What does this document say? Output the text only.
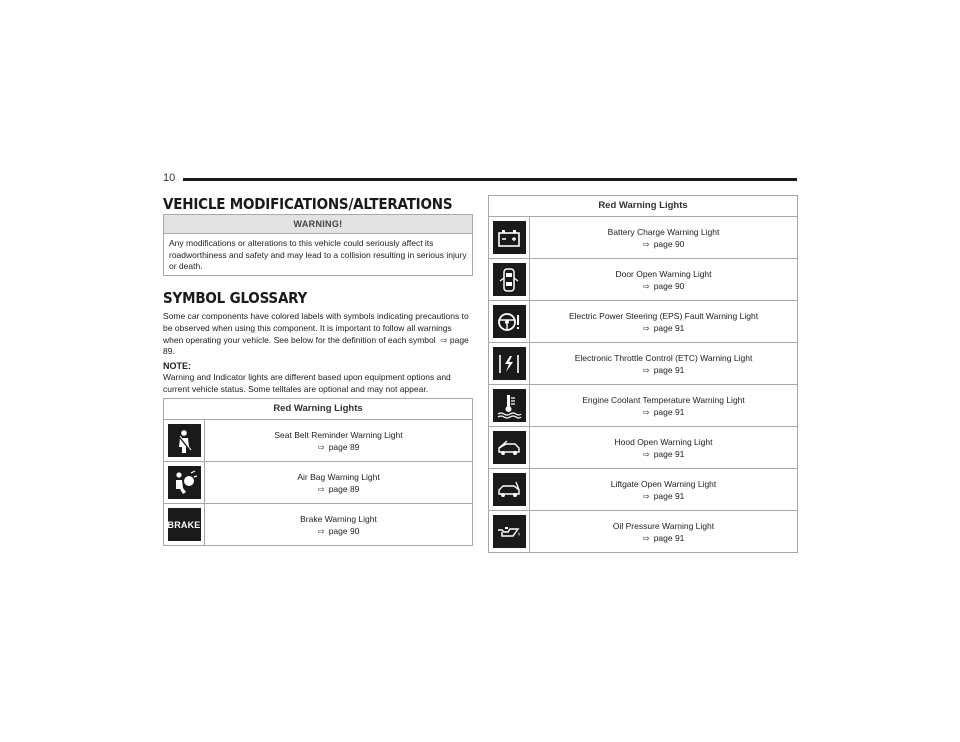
10
VEHICLE MODIFICATIONS/ALTERATIONS
WARNING!
Any modifications or alterations to this vehicle could seriously affect its roadworthiness and safety and may lead to a collision resulting in serious injury or death.
SYMBOL GLOSSARY

Some car components have colored labels with symbols indicating precautions to be observed when using this component. It is important to follow all warnings when operating your vehicle. See below for the definition of each symbol ⇨ page 89.

NOTE:

Warning and Indicator lights are different based upon equipment options and current vehicle status. Some telltales are optional and may not appear.

Red Warning Lights
Seat Belt Reminder Warning Light
⇨ page 89
Air Bag Warning Light
⇨ page 89
BRAKE
Brake Warning Light
⇨ page 90
Red Warning Lights
Battery Charge Warning Light
⇨ page 90
Door Open Warning Light
⇨ page 90
Electric Power Steering (EPS) Fault Warning Light
⇨ page 91
Electronic Throttle Control (ETC) Warning Light
⇨ page 91
Engine Coolant Temperature Warning Light
⇨ page 91
Hood Open Warning Light
⇨ page 91
Liftgate Open Warning Light
⇨ page 91
Oil Pressure Warning Light
⇨ page 91
